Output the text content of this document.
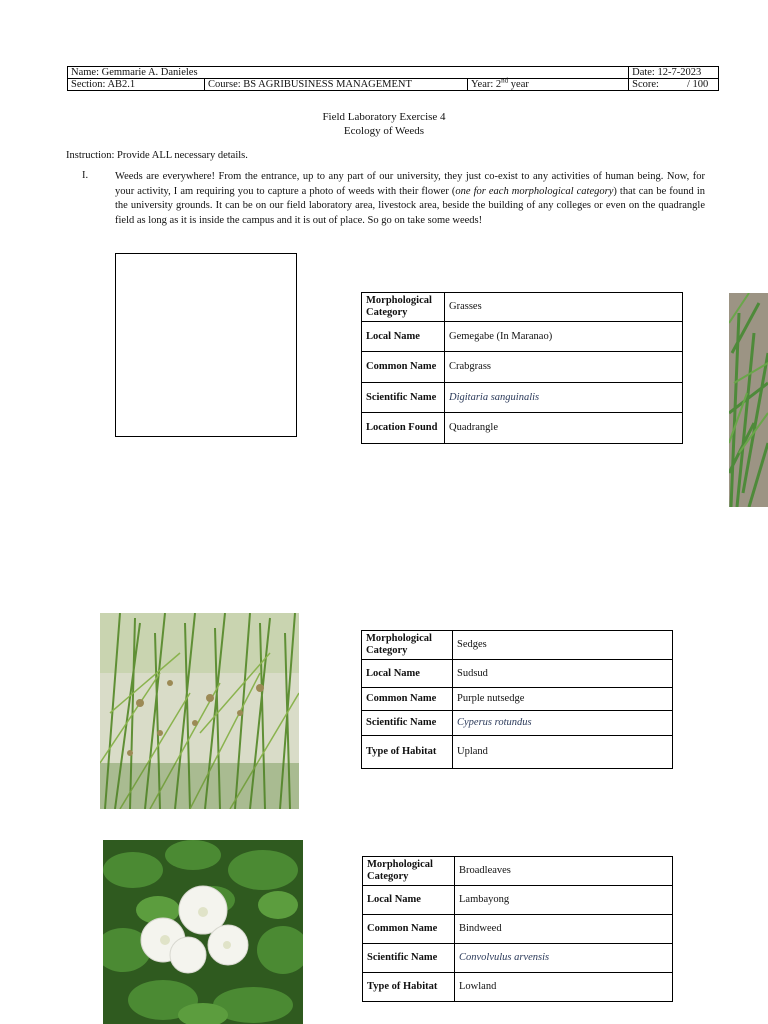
Name: Gemmarie A. Danieles			Date: 12-7-2023
Section: AB2.1	Course: BS AGRIBUSINESS MANAGEMENT	Year: 2nd year	Score: / 100
Field Laboratory Exercise 4
Ecology of Weeds
Instruction: Provide ALL necessary details.
I.	Weeds are everywhere! From the entrance, up to any part of our university, they just co-exist to any activities of human being. Now, for your activity, I am requiring you to capture a photo of weeds with their flower (one for each morphological category) that can be found in the university grounds. It can be on our field laboratory area, livestock area, beside the building of any colleges or even on the quadrangle field as long as it is inside the campus and it is out of place. So go on take some weeds!
Morphological Category	Grasses
Local Name	Gemegabe (In Maranao)
Common Name	Crabgrass
Scientific Name	Digitaria sanguinalis
Location Found	Quadrangle
Morphological Category	Sedges
Local Name	Sudsud
Common Name	Purple nutsedge
Scientific Name	Cyperus rotundus
Type of Habitat	Upland
Morphological Category	Broadleaves
Local Name	Lambayong
Common Name	Bindweed
Scientific Name	Convolvulus arvensis
Type of Habitat	Lowland
